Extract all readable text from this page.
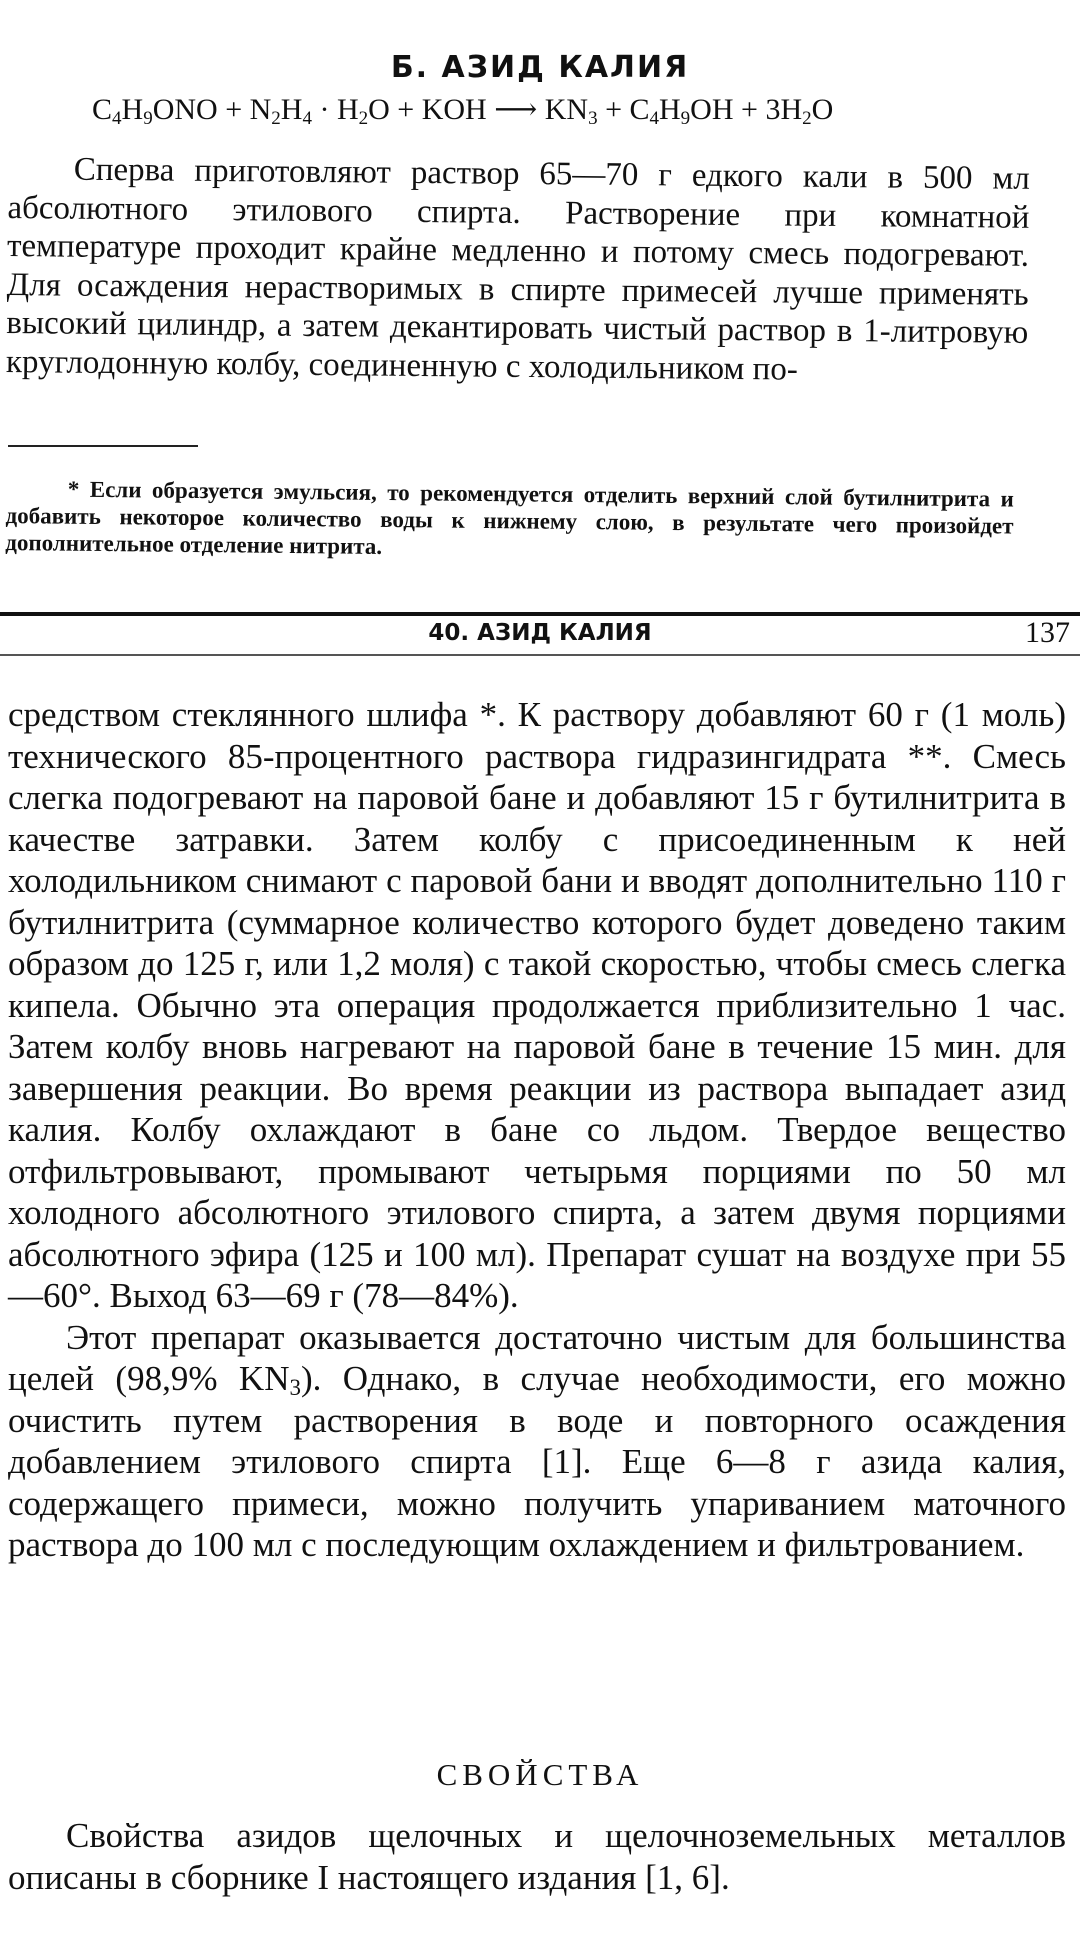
Б. АЗИД КАЛИЯ
$C_4H_9ONO + N_2H_4 \cdot H_2O$ + KOH ⟶ $KN_3 + C_4H_9OH + 3H_2O$

Сперва приготовляют раствор 65—70 г едкого кали в 500 мл абсолютного этилового спирта. Растворение при комнатной температуре проходит крайне медленно и потому смесь подогревают. Для осаждения нерастворимых в спирте примесей лучше применять высокий цилиндр, а затем декантировать чистый раствор в 1-литровую круглодонную колбу, соединенную с холодильником по-

* Если образуется эмульсия, то рекомендуется отделить верхний слой бутилнитрита и добавить некоторое количество воды к нижнему слою, в результате чего произойдет дополнительное отделение нитрита.

40. АЗИД КАЛИЯ	137

средством стеклянного шлифа *. К раствору добавляют 60 г (1 моль) технического 85-процентного раствора гидразингидрата **. Смесь слегка подогревают на паровой бане и добавляют 15 г бутилнитрита в качестве затравки. Затем колбу с присоединенным к ней холодильником снимают с паровой бани и вводят дополнительно 110 г бутилнитрита (суммарное количество которого будет доведено таким образом до 125 г, или 1,2 моля) с такой скоростью, чтобы смесь слегка кипела. Обычно эта операция продолжается приблизительно 1 час. Затем колбу вновь нагревают на паровой бане в течение 15 мин. для завершения реакции. Во время реакции из раствора выпадает азид калия. Колбу охлаждают в бане со льдом. Твердое вещество отфильтровывают, промывают четырьмя порциями по 50 мл холодного абсолютного этилового спирта, а затем двумя порциями абсолютного эфира (125 и 100 мл). Препарат сушат на воздухе при 55—60°. Выход 63—69 г (78—84%).

Этот препарат оказывается достаточно чистым для большинства целей (98,9% $KN_3$). Однако, в случае необходимости, его можно очистить путем растворения в воде и повторного осаждения добавлением этилового спирта [1]. Еще 6—8 г азида калия, содержащего примеси, можно получить упариванием маточного раствора до 100 мл с последующим охлаждением и фильтрованием.

СВОЙСТВА

Свойства азидов щелочных и щелочноземельных металлов описаны в сборнике I настоящего издания [1, 6].
